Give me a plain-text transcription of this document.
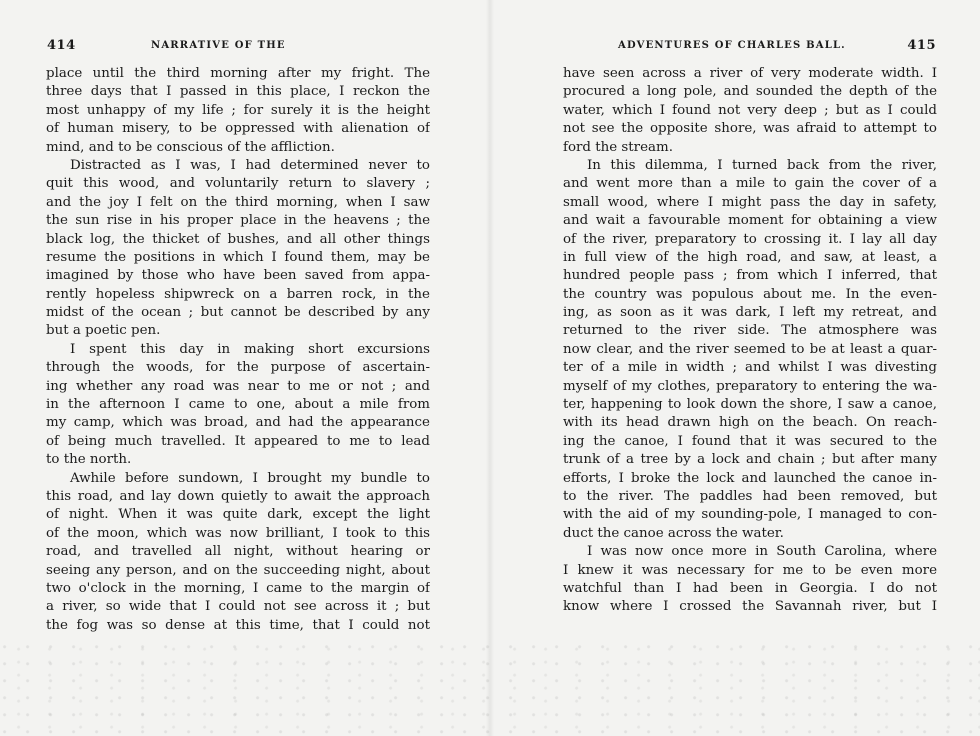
414	NARRATIVE OF THE
place until the third morning after my fright. The
three days that I passed in this place, I reckon the
most unhappy of my life ; for surely it is the height
of human misery, to be oppressed with alienation of
mind, and to be conscious of the affliction.
Distracted as I was, I had determined never to
quit this wood, and voluntarily return to slavery ;
and the joy I felt on the third morning, when I saw
the sun rise in his proper place in the heavens ; the
black log, the thicket of bushes, and all other things
resume the positions in which I found them, may be
imagined by those who have been saved from appa-
rently hopeless shipwreck on a barren rock, in the
midst of the ocean ; but cannot be described by any
but a poetic pen.
I spent this day in making short excursions
through the woods, for the purpose of ascertain-
ing whether any road was near to me or not ; and
in the afternoon I came to one, about a mile from
my camp, which was broad, and had the appearance
of being much travelled. It appeared to me to lead
to the north.
Awhile before sundown, I brought my bundle to
this road, and lay down quietly to await the approach
of night. When it was quite dark, except the light
of the moon, which was now brilliant, I took to this
road, and travelled all night, without hearing or
seeing any person, and on the succeeding night, about
two o'clock in the morning, I came to the margin of
a river, so wide that I could not see across it ; but
the fog was so dense at this time, that I could not
ADVENTURES OF CHARLES BALL.	415
have seen across a river of very moderate width. I
procured a long pole, and sounded the depth of the
water, which I found not very deep ; but as I could
not see the opposite shore, was afraid to attempt to
ford the stream.
In this dilemma, I turned back from the river,
and went more than a mile to gain the cover of a
small wood, where I might pass the day in safety,
and wait a favourable moment for obtaining a view
of the river, preparatory to crossing it. I lay all day
in full view of the high road, and saw, at least, a
hundred people pass ; from which I inferred, that
the country was populous about me. In the even-
ing, as soon as it was dark, I left my retreat, and
returned to the river side. The atmosphere was
now clear, and the river seemed to be at least a quar-
ter of a mile in width ; and whilst I was divesting
myself of my clothes, preparatory to entering the wa-
ter, happening to look down the shore, I saw a canoe,
with its head drawn high on the beach. On reach-
ing the canoe, I found that it was secured to the
trunk of a tree by a lock and chain ; but after many
efforts, I broke the lock and launched the canoe in-
to the river. The paddles had been removed, but
with the aid of my sounding-pole, I managed to con-
duct the canoe across the water.
I was now once more in South Carolina, where
I knew it was necessary for me to be even more
watchful than I had been in Georgia. I do not
know where I crossed the Savannah river, but I
